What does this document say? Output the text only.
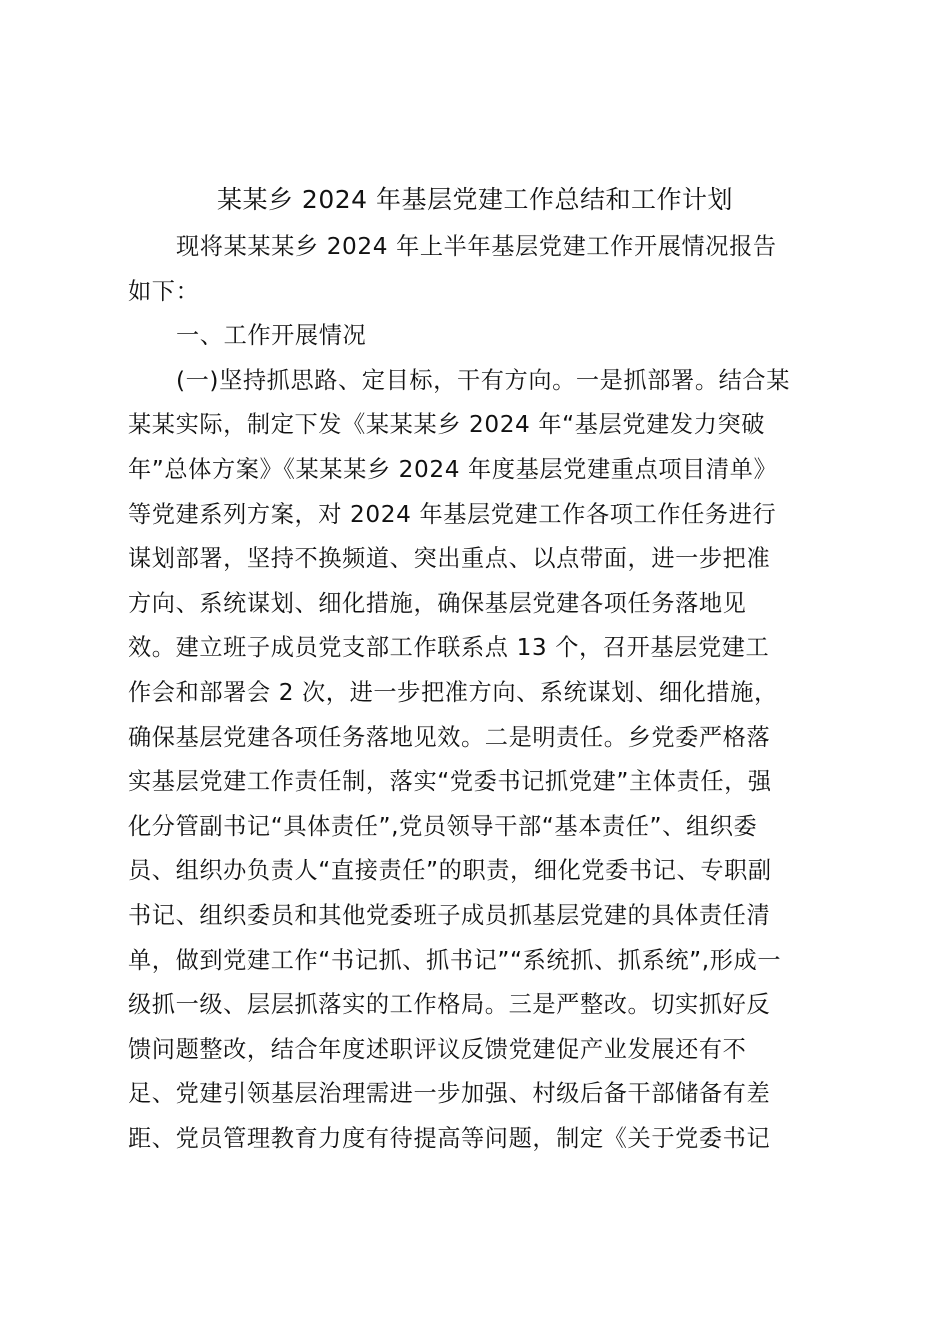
某某乡 2024 年基层党建工作总结和工作计划
现将某某某乡 2024 年上半年基层党建工作开展情况报告
如下：
一、工作开展情况
(一)坚持抓思路、定目标，干有方向。一是抓部署。结合某
某某实际，制定下发《某某某乡 2024 年“基层党建发力突破
年”总体方案》《某某某乡 2024 年度基层党建重点项目清单》
等党建系列方案，对 2024 年基层党建工作各项工作任务进行
谋划部署，坚持不换频道、突出重点、以点带面，进一步把准
方向、系统谋划、细化措施，确保基层党建各项任务落地见
效。建立班子成员党支部工作联系点 13 个，召开基层党建工
作会和部署会 2 次，进一步把准方向、系统谋划、细化措施，
确保基层党建各项任务落地见效。二是明责任。乡党委严格落
实基层党建工作责任制，落实“党委书记抓党建”主体责任，强
化分管副书记“具体责任”,党员领导干部“基本责任”、组织委
员、组织办负责人“直接责任”的职责，细化党委书记、专职副
书记、组织委员和其他党委班子成员抓基层党建的具体责任清
单，做到党建工作“书记抓、抓书记”“系统抓、抓系统”,形成一
级抓一级、层层抓落实的工作格局。三是严整改。切实抓好反
馈问题整改，结合年度述职评议反馈党建促产业发展还有不
足、党建引领基层治理需进一步加强、村级后备干部储备有差
距、党员管理教育力度有待提高等问题，制定《关于党委书记
